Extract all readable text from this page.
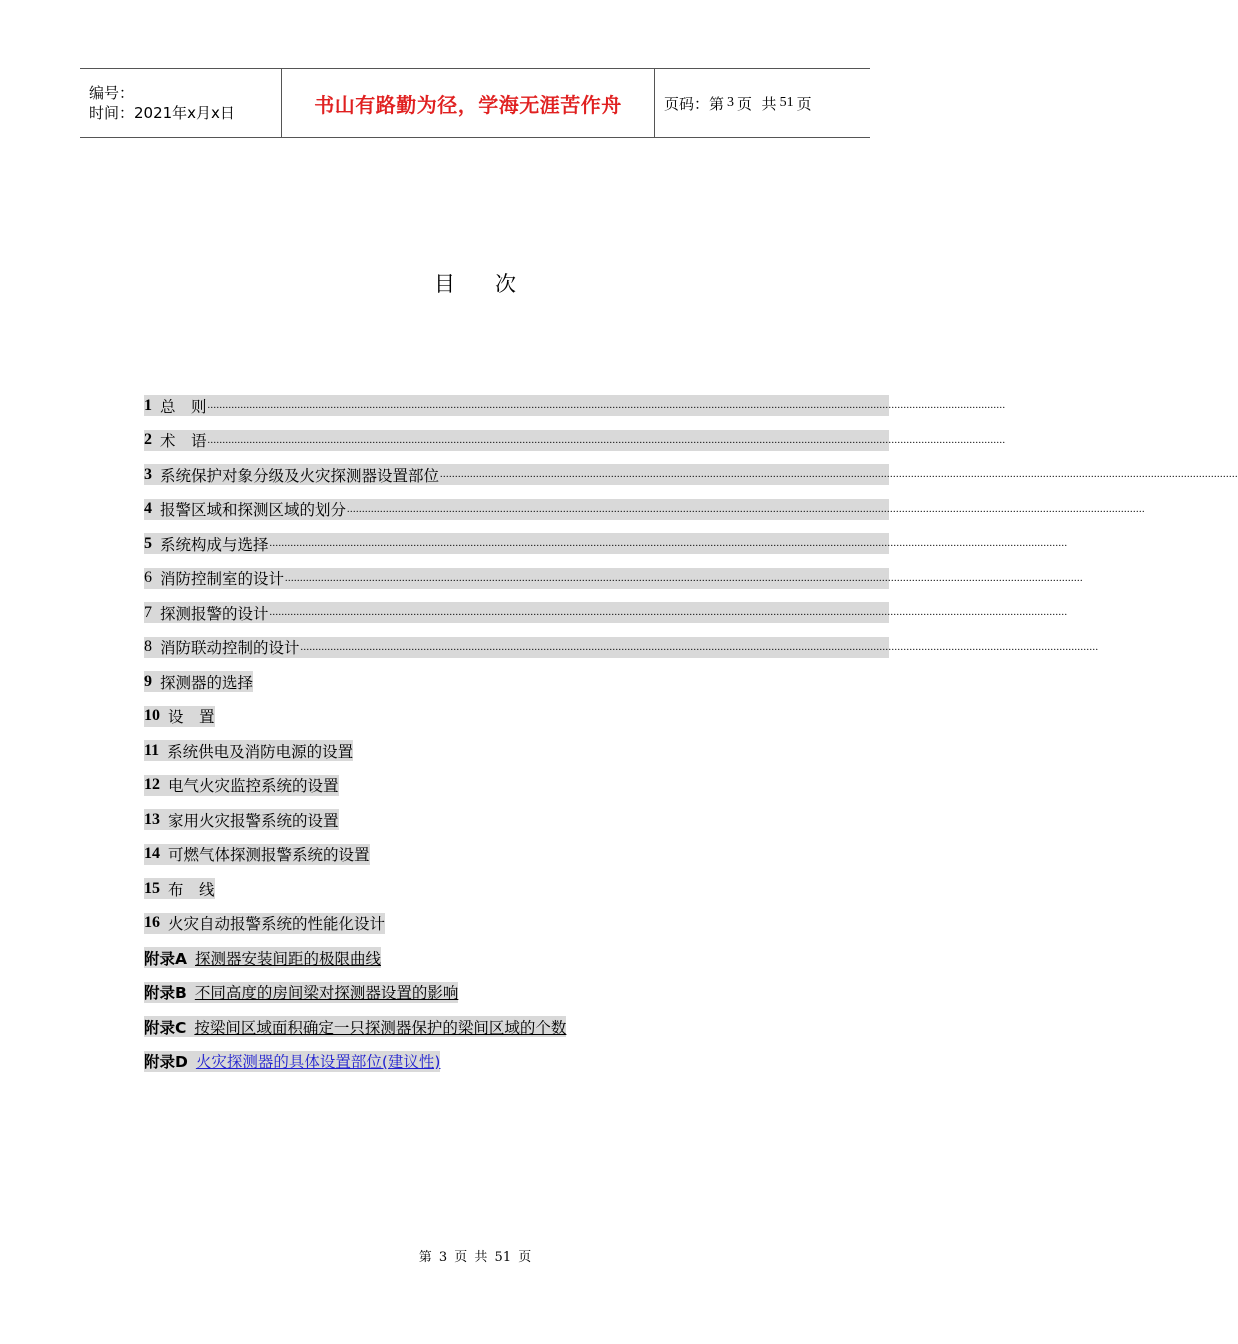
编号：
时间：2021年x月x日	书山有路勤为径，学海无涯苦作舟	页码：第 3 页  共 51 页
目次
1 总　则 ..........................................................................................................................................................................................................................................................................
2 术　语 ..........................................................................................................................................................................................................................................................................
3 系统保护对象分级及火灾探测器设置部位 ..........................................................................................................................................................................................................................................................................
4 报警区域和探测区域的划分 ..........................................................................................................................................................................................................................................................................
5 系统构成与选择 ..........................................................................................................................................................................................................................................................................
6 消防控制室的设计 ..........................................................................................................................................................................................................................................................................
7 探测报警的设计 ..........................................................................................................................................................................................................................................................................
8 消防联动控制的设计 ..........................................................................................................................................................................................................................................................................
9 探测器的选择
10 设　置
11 系统供电及消防电源的设置
12 电气火灾监控系统的设置
13 家用火灾报警系统的设置
14 可燃气体探测报警系统的设置
15 布　线
16 火灾自动报警系统的性能化设计
附录A 探测器安装间距的极限曲线
附录B 不同高度的房间梁对探测器设置的影响
附录C 按梁间区域面积确定一只探测器保护的梁间区域的个数
附录D 火灾探测器的具体设置部位(建议性)
第 3 页 共 51 页
